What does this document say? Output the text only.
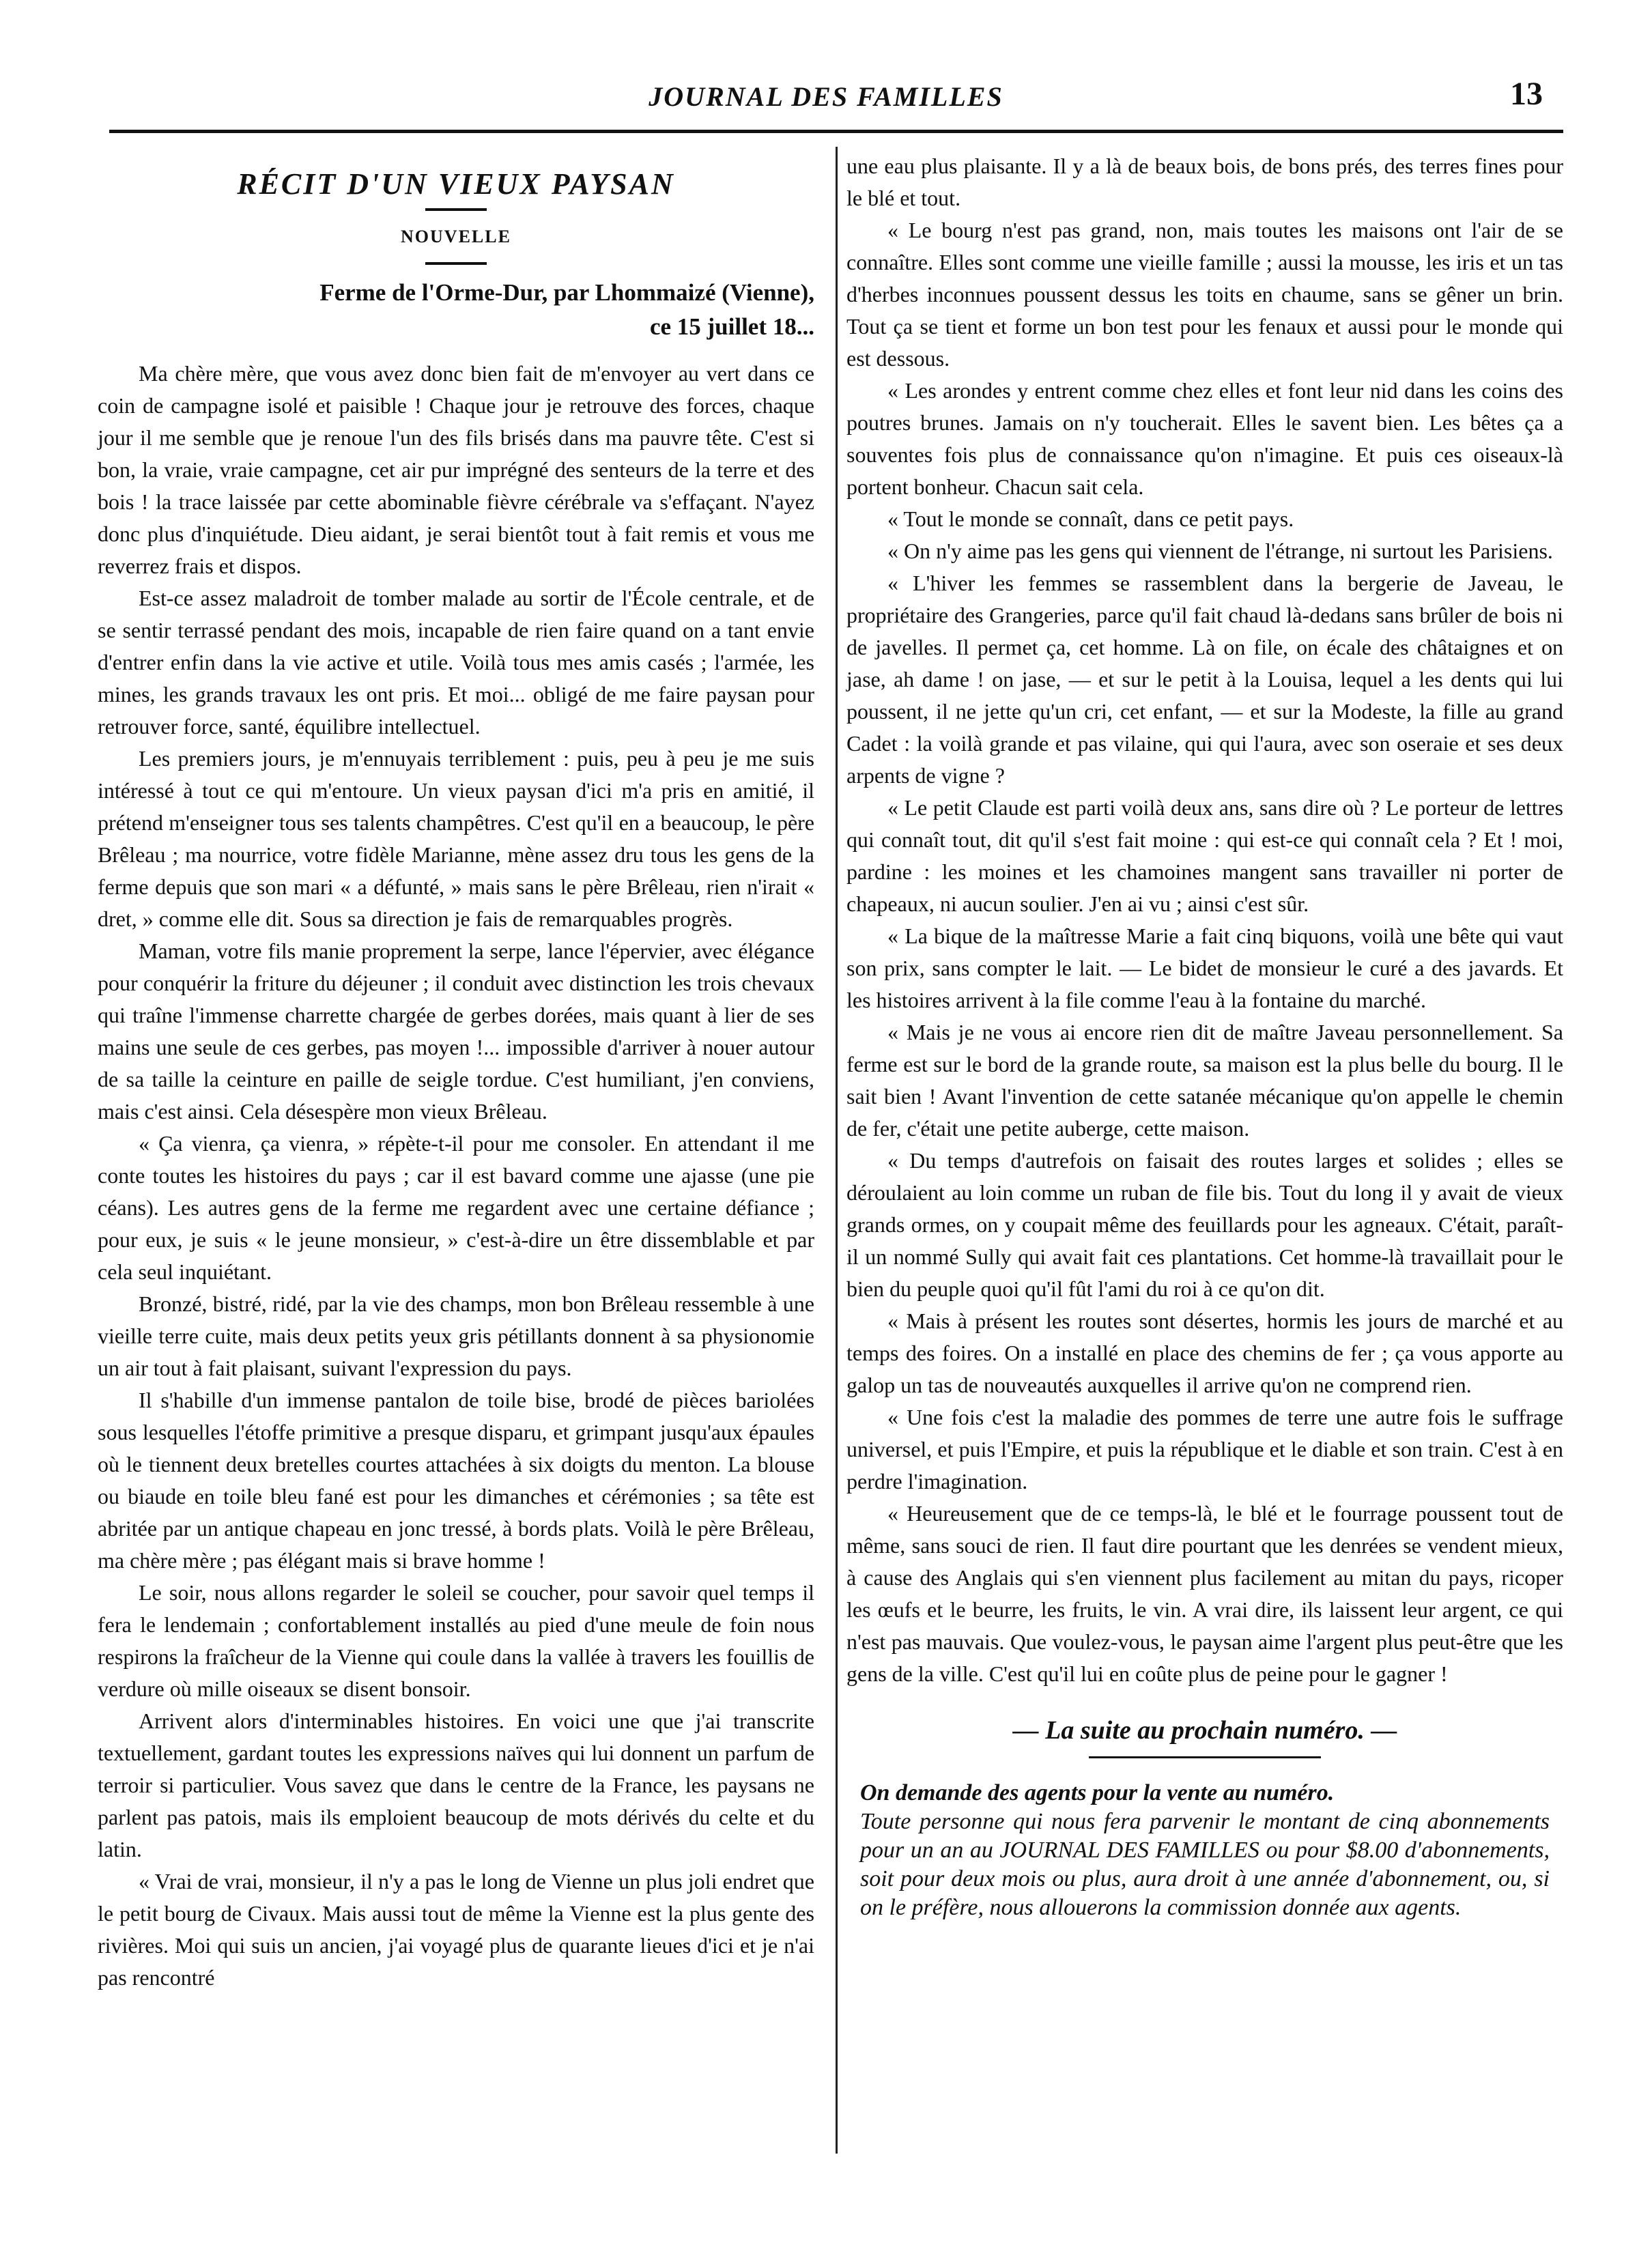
JOURNAL DES FAMILLES	13
RÉCIT D'UN VIEUX PAYSAN
NOUVELLE
Ferme de l'Orme-Dur, par Lhommaizé (Vienne),
ce 15 juillet 18...

Ma chère mère, que vous avez donc bien fait de m'envoyer au vert dans ce coin de campagne isolé et paisible ! Chaque jour je retrouve des forces, chaque jour il me semble que je renoue l'un des fils brisés dans ma pauvre tête. C'est si bon, la vraie, vraie campagne, cet air pur imprégné des senteurs de la terre et des bois ! la trace laissée par cette abominable fièvre cérébrale va s'effaçant. N'ayez donc plus d'inquiétude. Dieu aidant, je serai bientôt tout à fait remis et vous me reverrez frais et dispos.

Est-ce assez maladroit de tomber malade au sortir de l'École centrale, et de se sentir terrassé pendant des mois, incapable de rien faire quand on a tant envie d'entrer enfin dans la vie active et utile. Voilà tous mes amis casés ; l'armée, les mines, les grands travaux les ont pris. Et moi... obligé de me faire paysan pour retrouver force, santé, équilibre intellectuel.

Les premiers jours, je m'ennuyais terriblement : puis, peu à peu je me suis intéressé à tout ce qui m'entoure. Un vieux paysan d'ici m'a pris en amitié, il prétend m'enseigner tous ses talents champêtres. C'est qu'il en a beaucoup, le père Brêleau ; ma nourrice, votre fidèle Marianne, mène assez dru tous les gens de la ferme depuis que son mari « a défunté, » mais sans le père Brêleau, rien n'irait « dret, » comme elle dit. Sous sa direction je fais de remarquables progrès.

Maman, votre fils manie proprement la serpe, lance l'épervier, avec élégance pour conquérir la friture du déjeuner ; il conduit avec distinction les trois chevaux qui traîne l'immense charrette chargée de gerbes dorées, mais quant à lier de ses mains une seule de ces gerbes, pas moyen !... impossible d'arriver à nouer autour de sa taille la ceinture en paille de seigle tordue. C'est humiliant, j'en conviens, mais c'est ainsi. Cela désespère mon vieux Brêleau.

« Ça vienra, ça vienra, » répète-t-il pour me consoler. En attendant il me conte toutes les histoires du pays ; car il est bavard comme une ajasse (une pie céans). Les autres gens de la ferme me regardent avec une certaine défiance ; pour eux, je suis « le jeune monsieur, » c'est-à-dire un être dissemblable et par cela seul inquiétant.

Bronzé, bistré, ridé, par la vie des champs, mon bon Brêleau ressemble à une vieille terre cuite, mais deux petits yeux gris pétillants donnent à sa physionomie un air tout à fait plaisant, suivant l'expression du pays.

Il s'habille d'un immense pantalon de toile bise, brodé de pièces bariolées sous lesquelles l'étoffe primitive a presque disparu, et grimpant jusqu'aux épaules où le tiennent deux bretelles courtes attachées à six doigts du menton. La blouse ou biaude en toile bleu fané est pour les dimanches et cérémonies ; sa tête est abritée par un antique chapeau en jonc tressé, à bords plats. Voilà le père Brêleau, ma chère mère ; pas élégant mais si brave homme !

Le soir, nous allons regarder le soleil se coucher, pour savoir quel temps il fera le lendemain ; confortablement installés au pied d'une meule de foin nous respirons la fraîcheur de la Vienne qui coule dans la vallée à travers les fouillis de verdure où mille oiseaux se disent bonsoir.

Arrivent alors d'interminables histoires. En voici une que j'ai transcrite textuellement, gardant toutes les expressions naïves qui lui donnent un parfum de terroir si particulier. Vous savez que dans le centre de la France, les paysans ne parlent pas patois, mais ils emploient beaucoup de mots dérivés du celte et du latin.

« Vrai de vrai, monsieur, il n'y a pas le long de Vienne un plus joli endret que le petit bourg de Civaux. Mais aussi tout de même la Vienne est la plus gente des rivières. Moi qui suis un ancien, j'ai voyagé plus de quarante lieues d'ici et je n'ai pas rencontré

une eau plus plaisante. Il y a là de beaux bois, de bons prés, des terres fines pour le blé et tout.

« Le bourg n'est pas grand, non, mais toutes les maisons ont l'air de se connaître. Elles sont comme une vieille famille ; aussi la mousse, les iris et un tas d'herbes inconnues poussent dessus les toits en chaume, sans se gêner un brin. Tout ça se tient et forme un bon test pour les fenaux et aussi pour le monde qui est dessous.

« Les arondes y entrent comme chez elles et font leur nid dans les coins des poutres brunes. Jamais on n'y toucherait. Elles le savent bien. Les bêtes ça a souventes fois plus de connaissance qu'on n'imagine. Et puis ces oiseaux-là portent bonheur. Chacun sait cela.

« Tout le monde se connaît, dans ce petit pays.

« On n'y aime pas les gens qui viennent de l'étrange, ni surtout les Parisiens.

« L'hiver les femmes se rassemblent dans la bergerie de Javeau, le propriétaire des Grangeries, parce qu'il fait chaud là-dedans sans brûler de bois ni de javelles. Il permet ça, cet homme. Là on file, on écale des châtaignes et on jase, ah dame ! on jase, — et sur le petit à la Louisa, lequel a les dents qui lui poussent, il ne jette qu'un cri, cet enfant, — et sur la Modeste, la fille au grand Cadet : la voilà grande et pas vilaine, qui qui l'aura, avec son oseraie et ses deux arpents de vigne ?

« Le petit Claude est parti voilà deux ans, sans dire où ? Le porteur de lettres qui connaît tout, dit qu'il s'est fait moine : qui est-ce qui connaît cela ? Et ! moi, pardine : les moines et les chamoines mangent sans travailler ni porter de chapeaux, ni aucun soulier. J'en ai vu ; ainsi c'est sûr.

« La bique de la maîtresse Marie a fait cinq biquons, voilà une bête qui vaut son prix, sans compter le lait. — Le bidet de monsieur le curé a des javards. Et les histoires arrivent à la file comme l'eau à la fontaine du marché.

« Mais je ne vous ai encore rien dit de maître Javeau personnellement. Sa ferme est sur le bord de la grande route, sa maison est la plus belle du bourg. Il le sait bien ! Avant l'invention de cette satanée mécanique qu'on appelle le chemin de fer, c'était une petite auberge, cette maison.

« Du temps d'autrefois on faisait des routes larges et solides ; elles se déroulaient au loin comme un ruban de file bis. Tout du long il y avait de vieux grands ormes, on y coupait même des feuillards pour les agneaux. C'était, paraît-il un nommé Sully qui avait fait ces plantations. Cet homme-là travaillait pour le bien du peuple quoi qu'il fût l'ami du roi à ce qu'on dit.

« Mais à présent les routes sont désertes, hormis les jours de marché et au temps des foires. On a installé en place des chemins de fer ; ça vous apporte au galop un tas de nouveautés auxquelles il arrive qu'on ne comprend rien.

« Une fois c'est la maladie des pommes de terre une autre fois le suffrage universel, et puis l'Empire, et puis la république et le diable et son train. C'est à en perdre l'imagination.

« Heureusement que de ce temps-là, le blé et le fourrage poussent tout de même, sans souci de rien. Il faut dire pourtant que les denrées se vendent mieux, à cause des Anglais qui s'en viennent plus facilement au mitan du pays, ricoper les œufs et le beurre, les fruits, le vin. A vrai dire, ils laissent leur argent, ce qui n'est pas mauvais. Que voulez-vous, le paysan aime l'argent plus peut-être que les gens de la ville. C'est qu'il lui en coûte plus de peine pour le gagner !

— La suite au prochain numéro. —
On demande des agents pour la vente au numéro.
Toute personne qui nous fera parvenir le montant de cinq abonnements pour un an au JOURNAL DES FAMILLES ou pour $8.00 d'abonnements, soit pour deux mois ou plus, aura droit à une année d'abonnement, ou, si on le préfère, nous allouerons la commission donnée aux agents.
